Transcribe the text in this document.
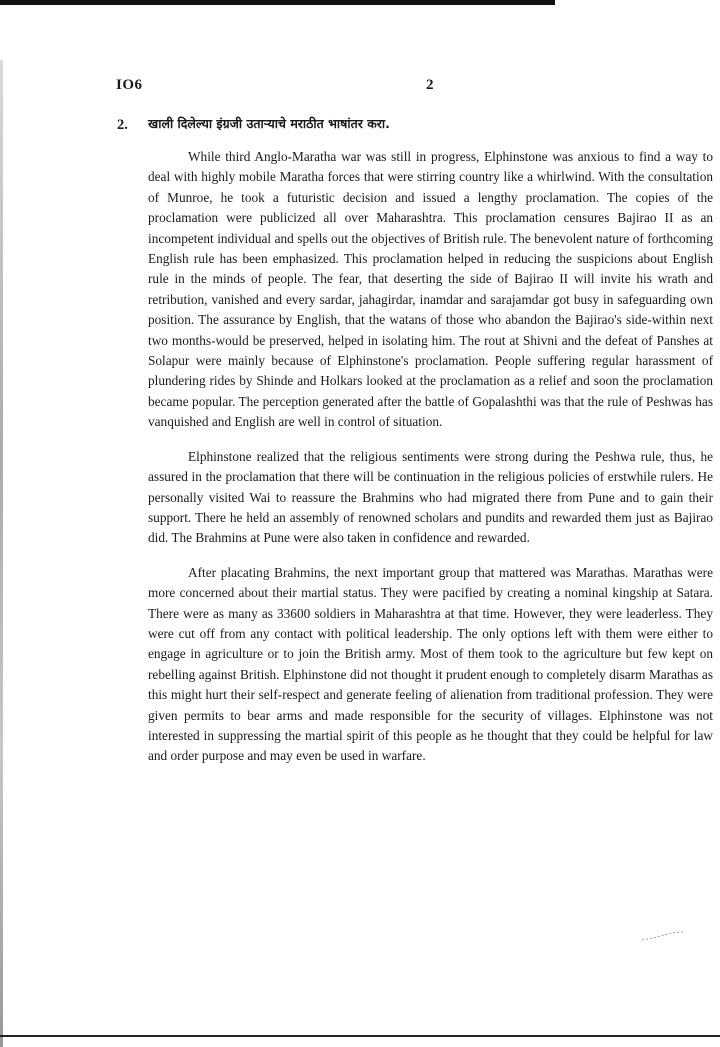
IO6	2
2. खाली दिलेल्या इंग्रजी उताऱ्याचे मराठीत भाषांतर करा.

While third Anglo-Maratha war was still in progress, Elphinstone was anxious to find a way to deal with highly mobile Maratha forces that were stirring country like a whirlwind. With the consultation of Munroe, he took a futuristic decision and issued a lengthy proclamation. The copies of the proclamation were publicized all over Maharashtra. This proclamation censures Bajirao II as an incompetent individual and spells out the objectives of British rule. The benevolent nature of forthcoming English rule has been emphasized. This proclamation helped in reducing the suspicions about English rule in the minds of people. The fear, that deserting the side of Bajirao II will invite his wrath and retribution, vanished and every sardar, jahagirdar, inamdar and sarajamdar got busy in safeguarding own position. The assurance by English, that the watans of those who abandon the Bajirao's side-within next two months-would be preserved, helped in isolating him. The rout at Shivni and the defeat of Panshes at Solapur were mainly because of Elphinstone's proclamation. People suffering regular harassment of plundering rides by Shinde and Holkars looked at the proclamation as a relief and soon the proclamation became popular. The perception generated after the battle of Gopalashthi was that the rule of Peshwas has vanquished and English are well in control of situation.

Elphinstone realized that the religious sentiments were strong during the Peshwa rule, thus, he assured in the proclamation that there will be continuation in the religious policies of erstwhile rulers. He personally visited Wai to reassure the Brahmins who had migrated there from Pune and to gain their support. There he held an assembly of renowned scholars and pundits and rewarded them just as Bajirao did. The Brahmins at Pune were also taken in confidence and rewarded.

After placating Brahmins, the next important group that mattered was Marathas. Marathas were more concerned about their martial status. They were pacified by creating a nominal kingship at Satara. There were as many as 33600 soldiers in Maharashtra at that time. However, they were leaderless. They were cut off from any contact with political leadership. The only options left with them were either to engage in agriculture or to join the British army. Most of them took to the agriculture but few kept on rebelling against British. Elphinstone did not thought it prudent enough to completely disarm Marathas as this might hurt their self-respect and generate feeling of alienation from traditional profession. They were given permits to bear arms and made responsible for the security of villages. Elphinstone was not interested in suppressing the martial spirit of this people as he thought that they could be helpful for law and order purpose and may even be used in warfare.
